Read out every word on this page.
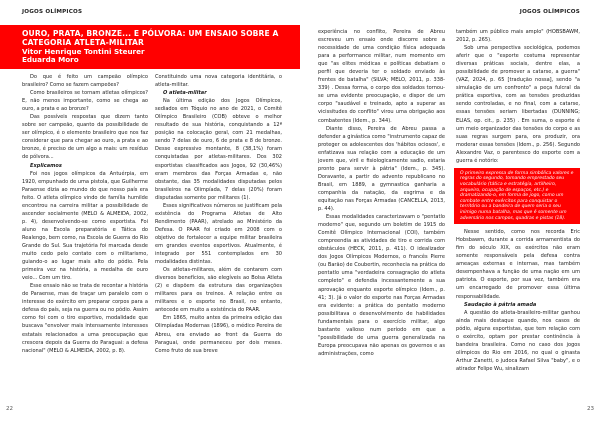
JOGOS OLÍMPICOS
OURO, PRATA, BRONZE... E PÓLVORA: UM ENSAIO SOBRE A
CATEGORIA ATLETA-MILITAR
Vitor Henrique Tontini Steurer
Eduarda Moro

Do que é feito um campeão olímpico brasileiro? Como se fazem campeões?

Como brasileiros se tornam atletas olímpicos? E, não menos importante, como se chega ao ouro, a prata e ao bronze?

Das possíveis respostas que dizem tanto sobre ser campeão, quanto da possibilidade de ser olímpico, é o elemento brasileiro que nos faz considerar que para chegar ao ouro, a prata e ao bronze, é preciso de um algo a mais: um resíduo de pólvora...

Explicamos

Foi nos jogos olímpicos da Antuérpia, em 1920, empunhado de uma pistola, que Guilherme Paraense dizia ao mundo do que nosso país era feito. O atleta olímpico vindo de família humilde encontrou na carreira militar a possibilidade de ascender socialmente (MELO & ALMEIDA, 2002, p. 4), desenvolvendo-se como esportista. Foi aluno na Escola preparatória e Tática do Realengo, bem como, na Escola de Guerra do Rio Grande do Sul. Sua trajetória foi marcada desde muito cedo pelo contato com o militarismo, guiando-o ao lugar mais alto do pódio. Pela primeira vez na história, a medalha de ouro veio... Com um tiro.

Esse ensaio não se trata de recontar a história de Paraense, mas de traçar um paralelo com o interesse do exército em preparar corpos para a defesa do país, seja na guerra ou no pódio. Assim como foi com o tiro esportivo, modalidade que buscava "envolver mais intensamente interesses estatais relacionados a uma preocupação que crescera depois da Guerra do Paraguai: a defesa nacional" (MELO & ALMEIDA, 2002, p. 8).

Constituindo uma nova categoria identitária, o atleta-militar.

O atleta-militar

Na última edição dos Jogos Olímpicos, sediados em Tóquio no ano de 2021, o Comitê Olímpico Brasileiro (COB) obteve o melhor resultado de sua história, conquistando a 12ª posição na colocação geral, com 21 medalhas, sendo 7 delas de ouro, 6 de prata e 8 de bronze. Desse expressivo montante, 8 (38,1%) foram conquistadas por atletas-militares. Dos 302 esportistas classificados aos Jogos, 92 (30,46%) eram membros das Forças Armadas e, não obstante, das 35 modalidades disputadas pelos brasileiros na Olimpíada, 7 delas (20%) foram disputadas somente por militares (1).

Esses significativos números se justificam pela existência do Programa Atletas de Alto Rendimento (PAAR), atrelado ao Ministério da Defesa. O PAAR foi criado em 2008 com o objetivo de fortalecer a equipe militar brasileira em grandes eventos esportivos. Atualmente, é integrado por 551 contemplados em 30 modalidades distintas.

Os atletas-militares, além de contarem com diversos benefícios, são elegíveis ao Bolsa Atleta (2) e dispõem da estrutura das organizações militares para os treinos. A relação entre os militares e o esporte no Brasil, no entanto, antecede em muito a existência do PAAR.

Em 1865, muito antes da primeira edição das Olimpíadas Modernas (1896), o médico Pereira de Abreu, era enviado ao front da Guerra do Paraguai, onde permaneceu por dois meses. Como fruto de sua breve

22
JOGOS OLÍMPICOS

experiência no conflito, Pereira de Abreu escreveu um ensaio onde discorre sobre a necessidade de uma condição física adequada para a performance militar, num momento em que "as elites médicas e políticas debatiam o perfil que deveria ter o soldado enviado às frentes de batalha" (SILVA; MELO, 2011, p. 338-339) . Dessa forma, o corpo dos soldados tornou-se uma evidente preocupação, e dispor de um corpo "saudável e treinado, apto a superar as vicissitudes do conflito" virou uma obrigação aos combatentes (Idem., p. 344).

Diante disso, Pereira de Abreu passa a defender a ginástica como "instrumento capaz de proteger os adolescentes dos 'hábitos ociosos', e enfatizava sua relação com a educação de um jovem que, viril e fisiologicamente sadio, estaria pronto para servir à pátria" (Idem., p. 345). Doravante, a partir do advento republicano no Brasil, em 1889, a gymnastica ganharia a companhia da natação, da esgrima e da equitação nas Forças Armadas (CANCELLA, 2013, p. 44).

Essas modalidades caracterizavam o "pentatlo moderno" que, segundo um boletim de 1915 do Comitê Olímpico Internacional (COI), também compreendia as atividades de tiro e corrida com obstáculos (HECK, 2011, p. 411). O idealizador dos Jogos Olímpicos Modernos, o francês Pierre (ou Barão) de Coubertin, reconhecia na prática do pentatlo uma "verdadeira consagração do atleta completo" e defendia incessantemente a sua aprovação enquanto esporte olímpico (Idem., p. 41; 3). Já o valor do esporte nas Forças Armadas era evidente: a prática do pentatlo moderno possibilitava o desenvolvimento de habilidades fundamentais para o exercício militar, algo bastante valioso num período em que a "possibilidade de uma guerra generalizada na Europa preocupava não apenas os governos e as administrações, como

também um público mais amplo" (HOBSBAWM, 2012, p. 265).

Sob uma perspectiva sociológica, podemos aferir que o "esporte costuma representar diversas práticas sociais, dentre elas, a possibilidade de promover a catarse, a guerra" (VAZ, 2024, p. 65 [tradução nossa], sendo "a simulação de um confronto" a peça fulcral da prática esportiva, com as tensões produzidas sendo controladas, e no final, com a catarse, essas tensões seriam libertadas (DUNNING; ELIAS, op. cit., p. 235) . Em suma, o esporte é um meio organizador das tensões do corpo e as suas regras surgem para, ora produzir, ora moderar essas tensões (Idem., p. 256). Segundo Alexandre Vaz, o parentesco do esporte com a guerra é notório:

O primeiro expressa de forma simbólica valores e regras do segundo, tomando emprestado seu vocabulário (tática e estratégia, artilheiro, arqueiro, ocupação de espaços, etc.) e dramatizando-o, em forma de jogo, como um combate entre exércitos para conquistar o território ou a bandeira de quem seria o seu inimigo numa batalha, mas que é somente um adversário nos campos, quadras e pistas (18).

Nesse sentido, como nos recorda Eric Hobsbawm, durante a corrida armamentista do fim do século XIX, os exércitos não eram somente responsáveis pela defesa contra ameaças externas e internas, mas também desempenhava a função de uma nação em um patriota. O esporte, por sua vez, também era um encarregado de promover essa última responsabilidade.

Saudação à pátria amada

A questão do atleta-brasileiro-militar ganhou ainda mais destaque quando, nos casos de pódio, alguns esportistas, que tem relação com o exército, optam por prestar continência à bandeira brasileira. Como no caso dos jogos olímpicos do Rio em 2016, no qual o ginasta Arthur Zanetti, o judoca Rafael Silva "baby", e o atirador Felipe Wu, sinalizam

23
